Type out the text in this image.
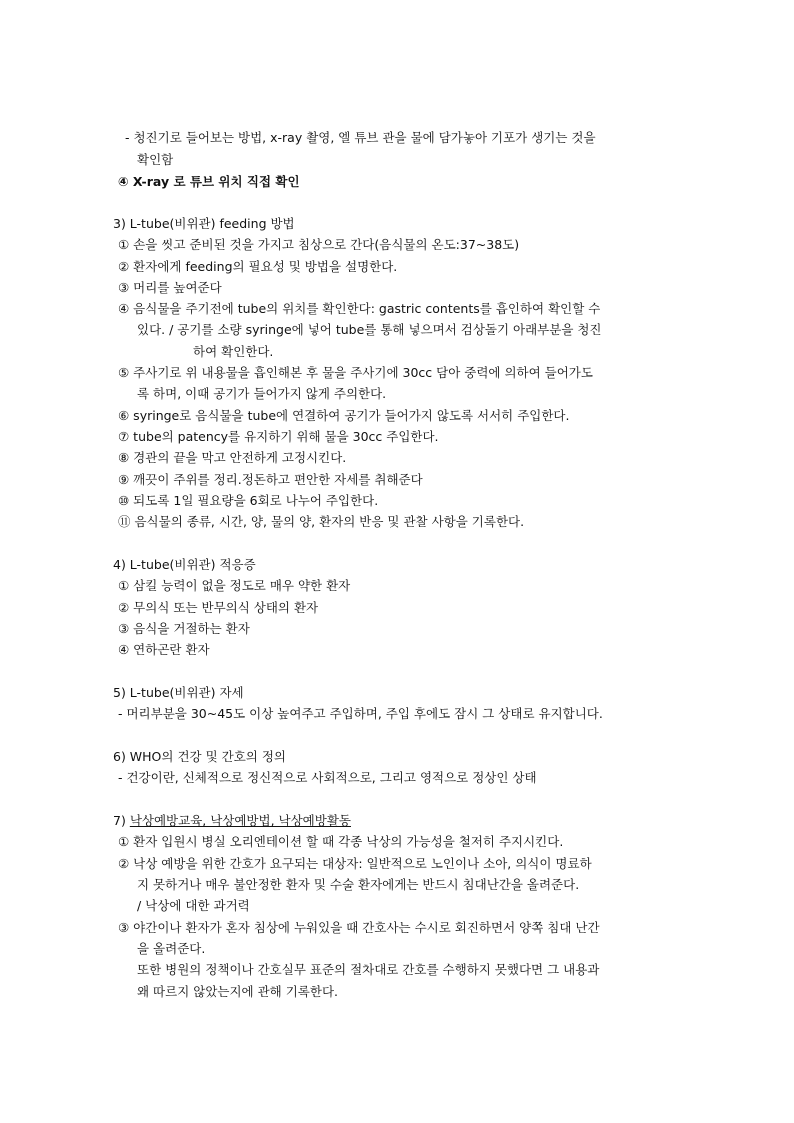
- 청진기로 들어보는 방법, x-ray 촬영, 엘 튜브 관을 물에 담가놓아 기포가 생기는 것을
확인함
④ X-ray 로 튜브 위치 직접 확인
3) L-tube(비위관) feeding 방법
① 손을 씻고 준비된 것을 가지고 침상으로 간다(음식물의 온도:37~38도)
② 환자에게 feeding의 필요성 및 방법을 설명한다.
③ 머리를 높여준다
④ 음식물을 주기전에 tube의 위치를 확인한다: gastric contents를 흡인하여 확인할 수
있다. / 공기를 소량 syringe에 넣어 tube를 통해 넣으며서 검상돌기 아래부분을 청진
하여 확인한다.
⑤ 주사기로 위 내용물을 흡인해본 후 물을 주사기에 30cc 담아 중력에 의하여 들어가도
록 하며, 이때 공기가 들어가지 않게 주의한다.
⑥ syringe로 음식물을 tube에 연결하여 공기가 들어가지 않도록 서서히 주입한다.
⑦ tube의 patency를 유지하기 위해 물을 30cc 주입한다.
⑧ 경관의 끝을 막고 안전하게 고정시킨다.
⑨ 깨끗이 주위를 정리.정돈하고 편안한 자세를 취해준다
⑩ 되도록 1일 필요량을 6회로 나누어 주입한다.
⑪ 음식물의 종류, 시간, 양, 물의 양, 환자의 반응 및 관찰 사항을 기록한다.
4) L-tube(비위관) 적응증
① 삼킬 능력이 없을 정도로 매우 약한 환자
② 무의식 또는 반무의식 상태의 환자
③ 음식을 거절하는 환자
④ 연하곤란 환자
5) L-tube(비위관) 자세
- 머리부분을 30~45도 이상 높여주고 주입하며, 주입 후에도 잠시 그 상태로 유지합니다.
6) WHO의 건강 및 간호의 정의
- 건강이란, 신체적으로 정신적으로 사회적으로, 그리고 영적으로 정상인 상태
7) 낙상예방교육, 낙상예방법, 낙상예방활동
① 환자 입원시 병실 오리엔테이션 할 때 각종 낙상의 가능성을 철저히 주지시킨다.
② 낙상 예방을 위한 간호가 요구되는 대상자: 일반적으로 노인이나 소아, 의식이 명료하
지 못하거나 매우 불안정한 환자 및 수술 환자에게는 반드시 침대난간을 올려준다.
/ 낙상에 대한 과거력
③ 야간이나 환자가 혼자 침상에 누워있을 때 간호사는 수시로 회진하면서 양쪽 침대 난간
을 올려준다.
또한 병원의 정책이나 간호실무 표준의 절차대로 간호를 수행하지 못했다면 그 내용과
왜 따르지 않았는지에 관해 기록한다.
